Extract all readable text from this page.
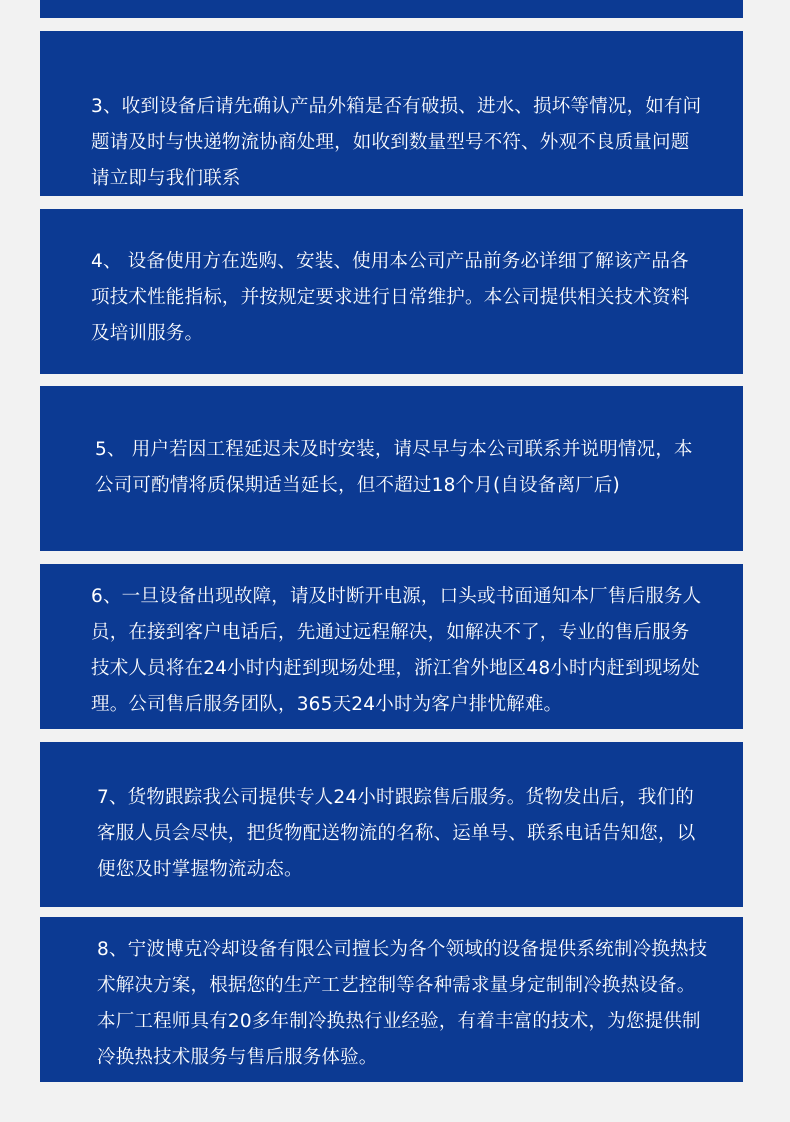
3、收到设备后请先确认产品外箱是否有破损、进水、损坏等情况，如有问题请及时与快递物流协商处理，如收到数量型号不符、外观不良质量问题请立即与我们联系

4、 设备使用方在选购、安装、使用本公司产品前务必详细了解该产品各项技术性能指标，并按规定要求进行日常维护。本公司提供相关技术资料及培训服务。

5、 用户若因工程延迟未及时安装，请尽早与本公司联系并说明情况，本公司可酌情将质保期适当延长，但不超过18个月(自设备离厂后)

6、一旦设备出现故障，请及时断开电源，口头或书面通知本厂售后服务人员，在接到客户电话后，先通过远程解决，如解决不了，专业的售后服务技术人员将在24小时内赶到现场处理，浙江省外地区48小时内赶到现场处理。公司售后服务团队，365天24小时为客户排忧解难。

7、货物跟踪我公司提供专人24小时跟踪售后服务。货物发出后，我们的客服人员会尽快，把货物配送物流的名称、运单号、联系电话告知您，以便您及时掌握物流动态。

8、宁波博克冷却设备有限公司擅长为各个领域的设备提供系统制冷换热技术解决方案，根据您的生产工艺控制等各种需求量身定制制冷换热设备。本厂工程师具有20多年制冷换热行业经验，有着丰富的技术，为您提供制冷换热技术服务与售后服务体验。
